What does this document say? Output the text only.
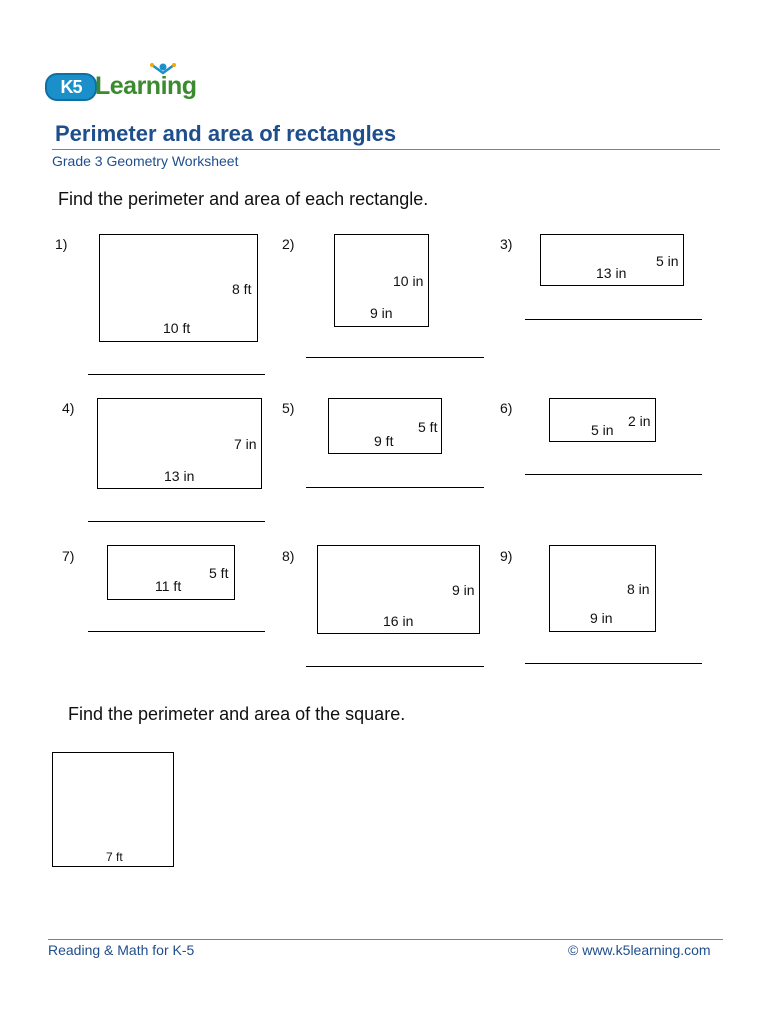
K5 Learning
Perimeter and area of rectangles
Grade 3 Geometry Worksheet
Find the perimeter and area of each rectangle.
1)
8 ft
10 ft
2)
10 in
9 in
3)
5 in
13 in
4)
7 in
13 in
5)
5 ft
9 ft
6)
2 in
5 in
7)
5 ft
11 ft
8)
9 in
16 in
9)
8 in
9 in
Find the perimeter and area of the square.
7 ft
Reading & Math for K-5	© www.k5learning.com
